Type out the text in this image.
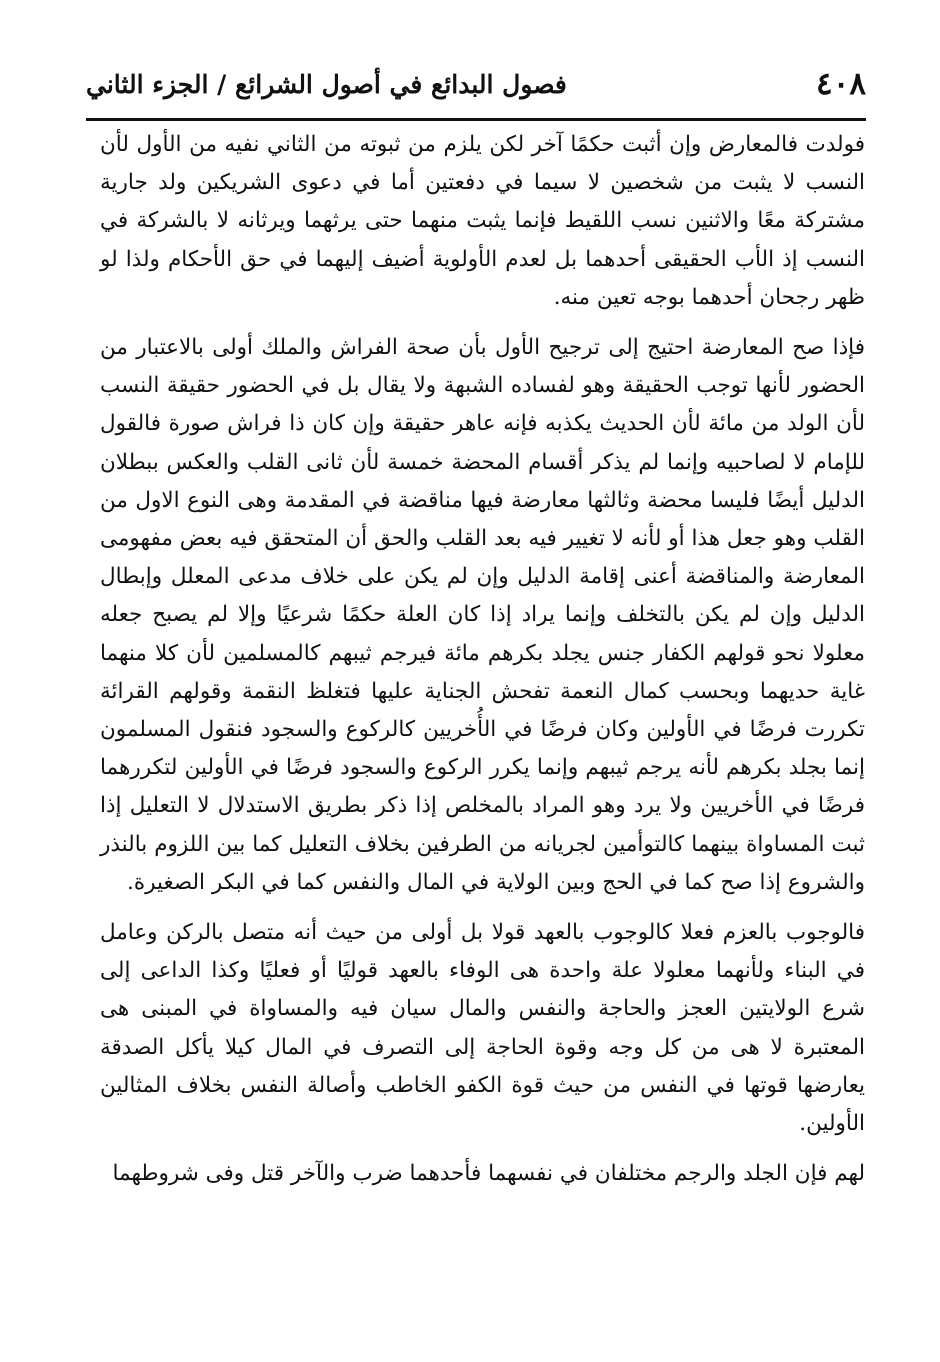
٤٠٨
فصول البدائع في أصول الشرائع / الجزء الثاني

فولدت فالمعارض وإن أثبت حكمًا آخر لكن يلزم من ثبوته من الثاني نفيه من الأول لأن النسب لا يثبت من شخصين لا سيما في دفعتين أما في دعوى الشريكين ولد جارية مشتركة معًا والاثنين نسب اللقيط فإنما يثبت منهما حتى يرثهما ويرثانه لا بالشركة في النسب إذ الأب الحقيقى أحدهما بل لعدم الأولوية أضيف إليهما في حق الأحكام ولذا لو ظهر رجحان أحدهما بوجه تعين منه.

فإذا صح المعارضة احتيج إلى ترجيح الأول بأن صحة الفراش والملك أولى بالاعتبار من الحضور لأنها توجب الحقيقة وهو لفساده الشبهة ولا يقال بل في الحضور حقيقة النسب لأن الولد من مائة لأن الحديث يكذبه فإنه عاهر حقيقة وإن كان ذا فراش صورة فالقول للإمام لا لصاحبيه وإنما لم يذكر أقسام المحضة خمسة لأن ثانى القلب والعكس ببطلان الدليل أيضًا فليسا محضة وثالثها معارضة فيها مناقضة في المقدمة وهى النوع الاول من القلب وهو جعل هذا أو لأنه لا تغيير فيه بعد القلب والحق أن المتحقق فيه بعض مفهومى المعارضة والمناقضة أعنى إقامة الدليل وإن لم يكن على خلاف مدعى المعلل وإبطال الدليل وإن لم يكن بالتخلف وإنما يراد إذا كان العلة حكمًا شرعيًا وإلا لم يصبح جعله معلولا نحو قولهم الكفار جنس يجلد بكرهم مائة فيرجم ثيبهم كالمسلمين لأن كلا منهما غاية حديهما وبحسب كمال النعمة تفحش الجناية عليها فتغلظ النقمة وقولهم القرائة تكررت فرضًا في الأولين وكان فرضًا في الأُخريين كالركوع والسجود فنقول المسلمون إنما بجلد بكرهم لأنه يرجم ثيبهم وإنما يكرر الركوع والسجود فرضًا في الأولين لتكررهما فرضًا في الأخريين ولا يرد وهو المراد بالمخلص إذا ذكر بطريق الاستدلال لا التعليل إذا ثبت المساواة بينهما كالتوأمين لجريانه من الطرفين بخلاف التعليل كما بين اللزوم بالنذر والشروع إذا صح كما في الحج وبين الولاية في المال والنفس كما في البكر الصغيرة.

فالوجوب بالعزم فعلا كالوجوب بالعهد قولا بل أولى من حيث أنه متصل بالركن وعامل في البناء ولأنهما معلولا علة واحدة هى الوفاء بالعهد قوليًا أو فعليًا وكذا الداعى إلى شرع الولايتين العجز والحاجة والنفس والمال سيان فيه والمساواة في المبنى هى المعتبرة لا هى من كل وجه وقوة الحاجة إلى التصرف في المال كيلا يأكل الصدقة يعارضها قوتها في النفس من حيث قوة الكفو الخاطب وأصالة النفس بخلاف المثالين الأولين.

لهم فإن الجلد والرجم مختلفان في نفسهما فأحدهما ضرب والآخر قتل وفى شروطهما
